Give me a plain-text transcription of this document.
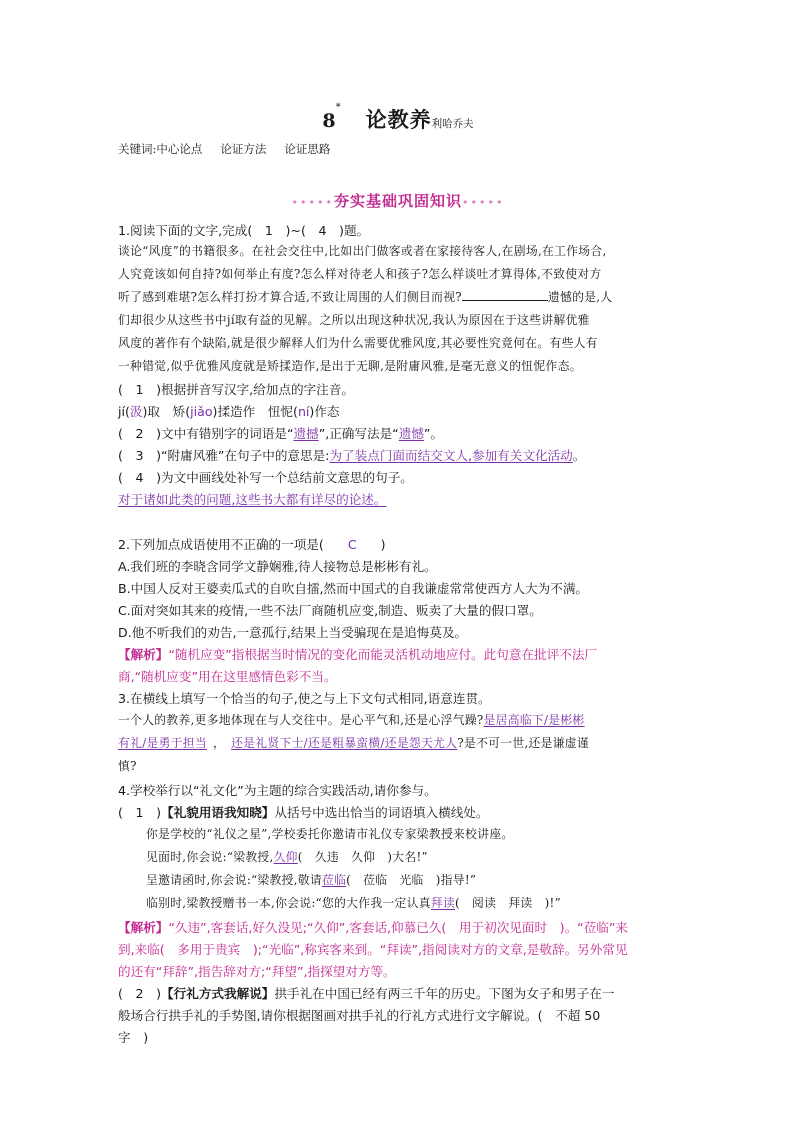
8* 论教养利哈乔夫
关键词:中心论点 论证方法 论证思路
•••••夯实基础巩固知识•••••
1.阅读下面的文字,完成(　1　)~(　4　)题。
谈论“风度”的书籍很多。在社会交往中,比如出门做客或者在家接待客人,在剧场,在工作场合,
人究竟该如何自持?如何举止有度?怎么样对待老人和孩子?怎么样谈吐才算得体,不致使对方
听了感到难堪?怎么样打扮才算合适,不致让周围的人们侧目而视?	遗憾的是,人
们却很少从这些书中jí取有益的见解。之所以出现这种状况,我认为原因在于这些讲解优雅
风度的著作有个缺陷,就是很少解释人们为什么需要优雅风度,其必要性究竟何在。有些人有
一种错觉,似乎优雅风度就是矫揉造作,是出于无聊,是附庸风雅,是毫无意义的忸怩作态。
(　1　)根据拼音写汉字,给加点的字注音。
jí(汲)取　矫(jiǎo)揉造作　忸怩(ní)作态
(　2　)文中有错别字的词语是“遗撼”,正确写法是“遗憾”。
(　3　)“附庸风雅”在句子中的意思是:为了装点门面而结交文人,参加有关文化活动。
(　4　)为文中画线处补写一个总结前文意思的句子。
对于诸如此类的问题,这些书大都有详尽的论述。
2.下列加点成语使用不正确的一项是( C )
A.我们班的李晓含同学文静娴雅,待人接物总是彬彬有礼。
B.中国人反对王婆卖瓜式的自吹自擂,然而中国式的自我谦虚常常使西方人大为不满。
C.面对突如其来的疫情,一些不法厂商随机应变,制造、贩卖了大量的假口罩。
D.他不听我们的劝告,一意孤行,结果上当受骗现在是追悔莫及。
【解析】“随机应变”指根据当时情况的变化而能灵活机动地应付。此句意在批评不法厂
商,“随机应变”用在这里感情色彩不当。
3.在横线上填写一个恰当的句子,使之与上下文句式相同,语意连贯。
一个人的教养,更多地体现在与人交往中。是心平气和,还是心浮气躁?是居高临下/是彬彬
有礼/是勇于担当 ， 还是礼贤下士/还是粗暴蛮横/还是怨天尤人?是不可一世,还是谦虚谨
慎?
4.学校举行以“礼文化”为主题的综合实践活动,请你参与。
(　1　)【礼貌用语我知晓】从括号中选出恰当的词语填入横线处。
你是学校的“礼仪之星”,学校委托你邀请市礼仪专家梁教授来校讲座。
见面时,你会说:“梁教授,久仰(　久违　久仰　)大名!”
呈邀请函时,你会说:“梁教授,敬请莅临(　莅临　光临　)指导!”
临别时,梁教授赠书一本,你会说:“您的大作我一定认真拜读(　阅读　拜读　)!”
【解析】“久违”,客套话,好久没见;“久仰”,客套话,仰慕已久(　用于初次见面时　)。“莅临”来
到,来临(　多用于贵宾　);“光临”,称宾客来到。“拜读”,指阅读对方的文章,是敬辞。另外常见
的还有“拜辞”,指告辞对方;“拜望”,指探望对方等。
(　2　)【行礼方式我解说】拱手礼在中国已经有两三千年的历史。下图为女子和男子在一
般场合行拱手礼的手势图,请你根据图画对拱手礼的行礼方式进行文字解说。(　不超 50
字　)
